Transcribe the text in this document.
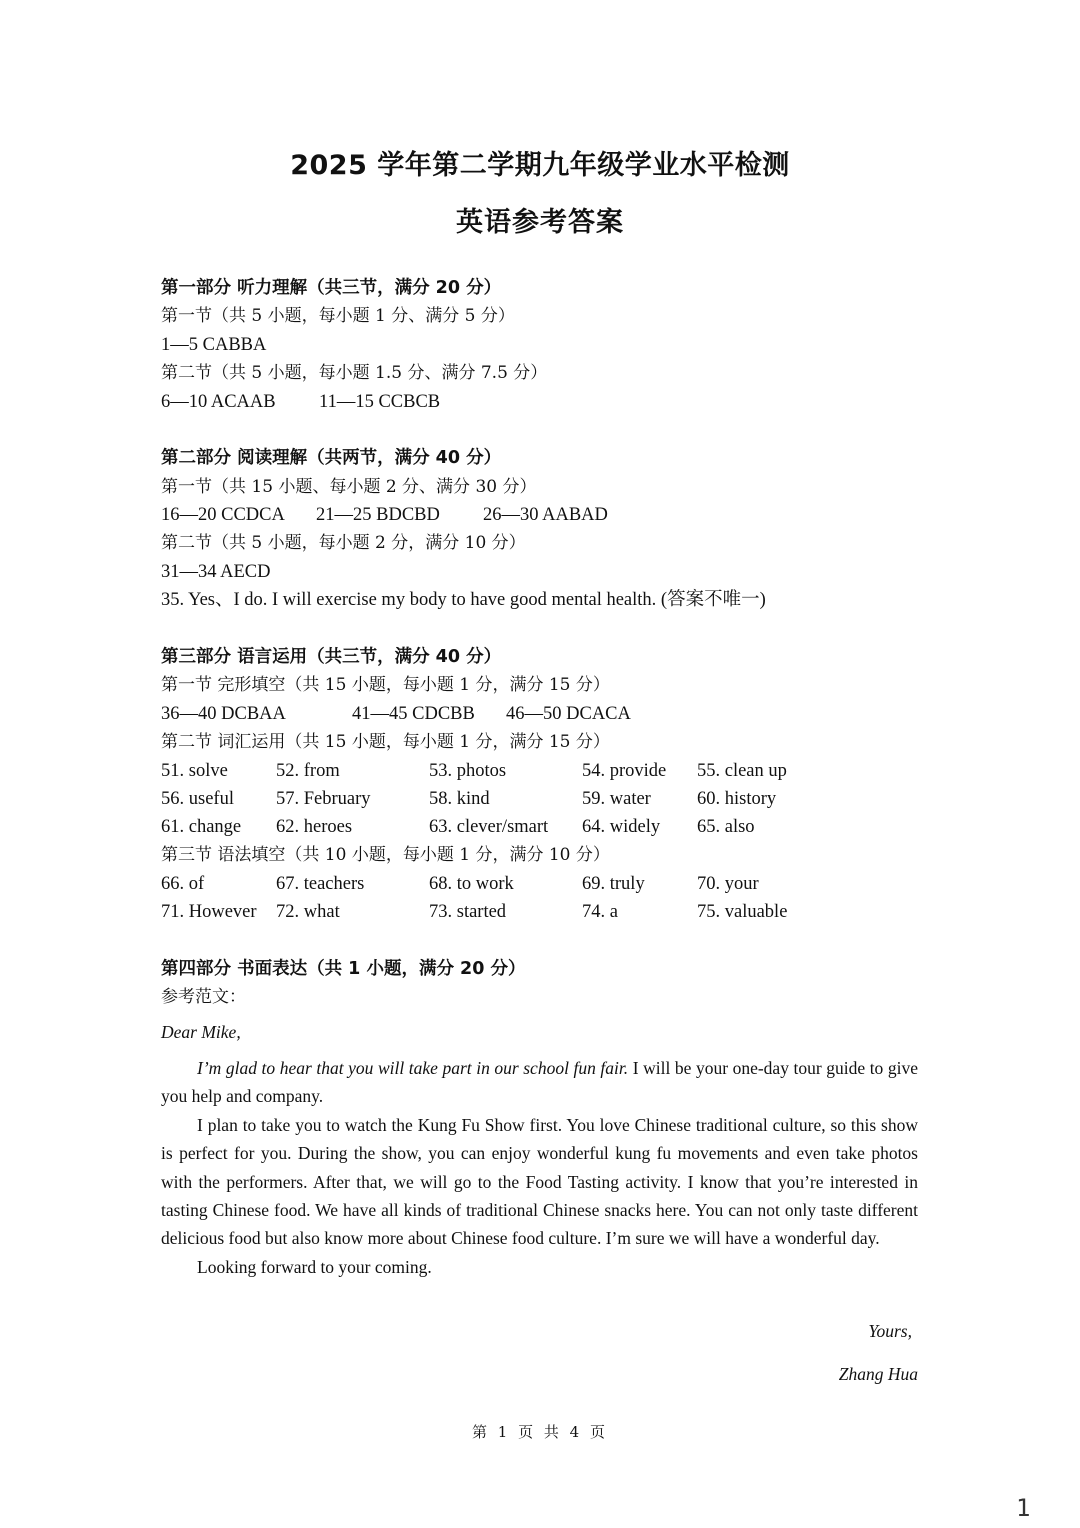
2025 学年第二学期九年级学业水平检测
英语参考答案
第一部分 听力理解（共三节，满分 20 分）
第一节（共 5 小题，每小题 1 分、满分 5 分）
1—5 CABBA
第二节（共 5 小题，每小题 1.5 分、满分 7.5 分）
6—10 ACAAB 11—15 CCBCB
第二部分 阅读理解（共两节，满分 40 分）
第一节（共 15 小题、每小题 2 分、满分 30 分）
16—20 CCDCA 21—25 BDCBD 26—30 AABAD
第二节（共 5 小题，每小题 2 分，满分 10 分）
31—34 AECD
35. Yes、I do. I will exercise my body to have good mental health. (答案不唯一)
第三部分 语言运用（共三节，满分 40 分）
第一节 完形填空（共 15 小题，每小题 1 分，满分 15 分）
36—40 DCBAA	41—45 CDCBB 46—50 DCACA
第二节 词汇运用（共 15 小题，每小题 1 分，满分 15 分）
51. solve	52. from	53. photos	54. provide 55. clean up
56. useful 57. February	58. kind	59. water 60. history
61. change 62. heroes	63. clever/smart 64. widely 65. also
第三节 语法填空（共 10 小题，每小题 1 分，满分 10 分）
66. of	67. teachers	68. to work	69. truly	70. your
71. However 72. what	73. started	74. a	75. valuable
第四部分 书面表达（共 1 小题，满分 20 分）
参考范文：
Dear Mike,

I’m glad to hear that you will take part in our school fun fair. I will be your one-day tour guide to give you help and company.

I plan to take you to watch the Kung Fu Show first. You love Chinese traditional culture, so this show is perfect for you. During the show, you can enjoy wonderful kung fu movements and even take photos with the performers. After that, we will go to the Food Tasting activity. I know that you’re interested in tasting Chinese food. We have all kinds of traditional Chinese snacks here. You can not only taste different delicious food but also know more about Chinese food culture. I’m sure we will have a wonderful day.

Looking forward to your coming.

Yours,
Zhang Hua
第 1 页 共 4 页
1
